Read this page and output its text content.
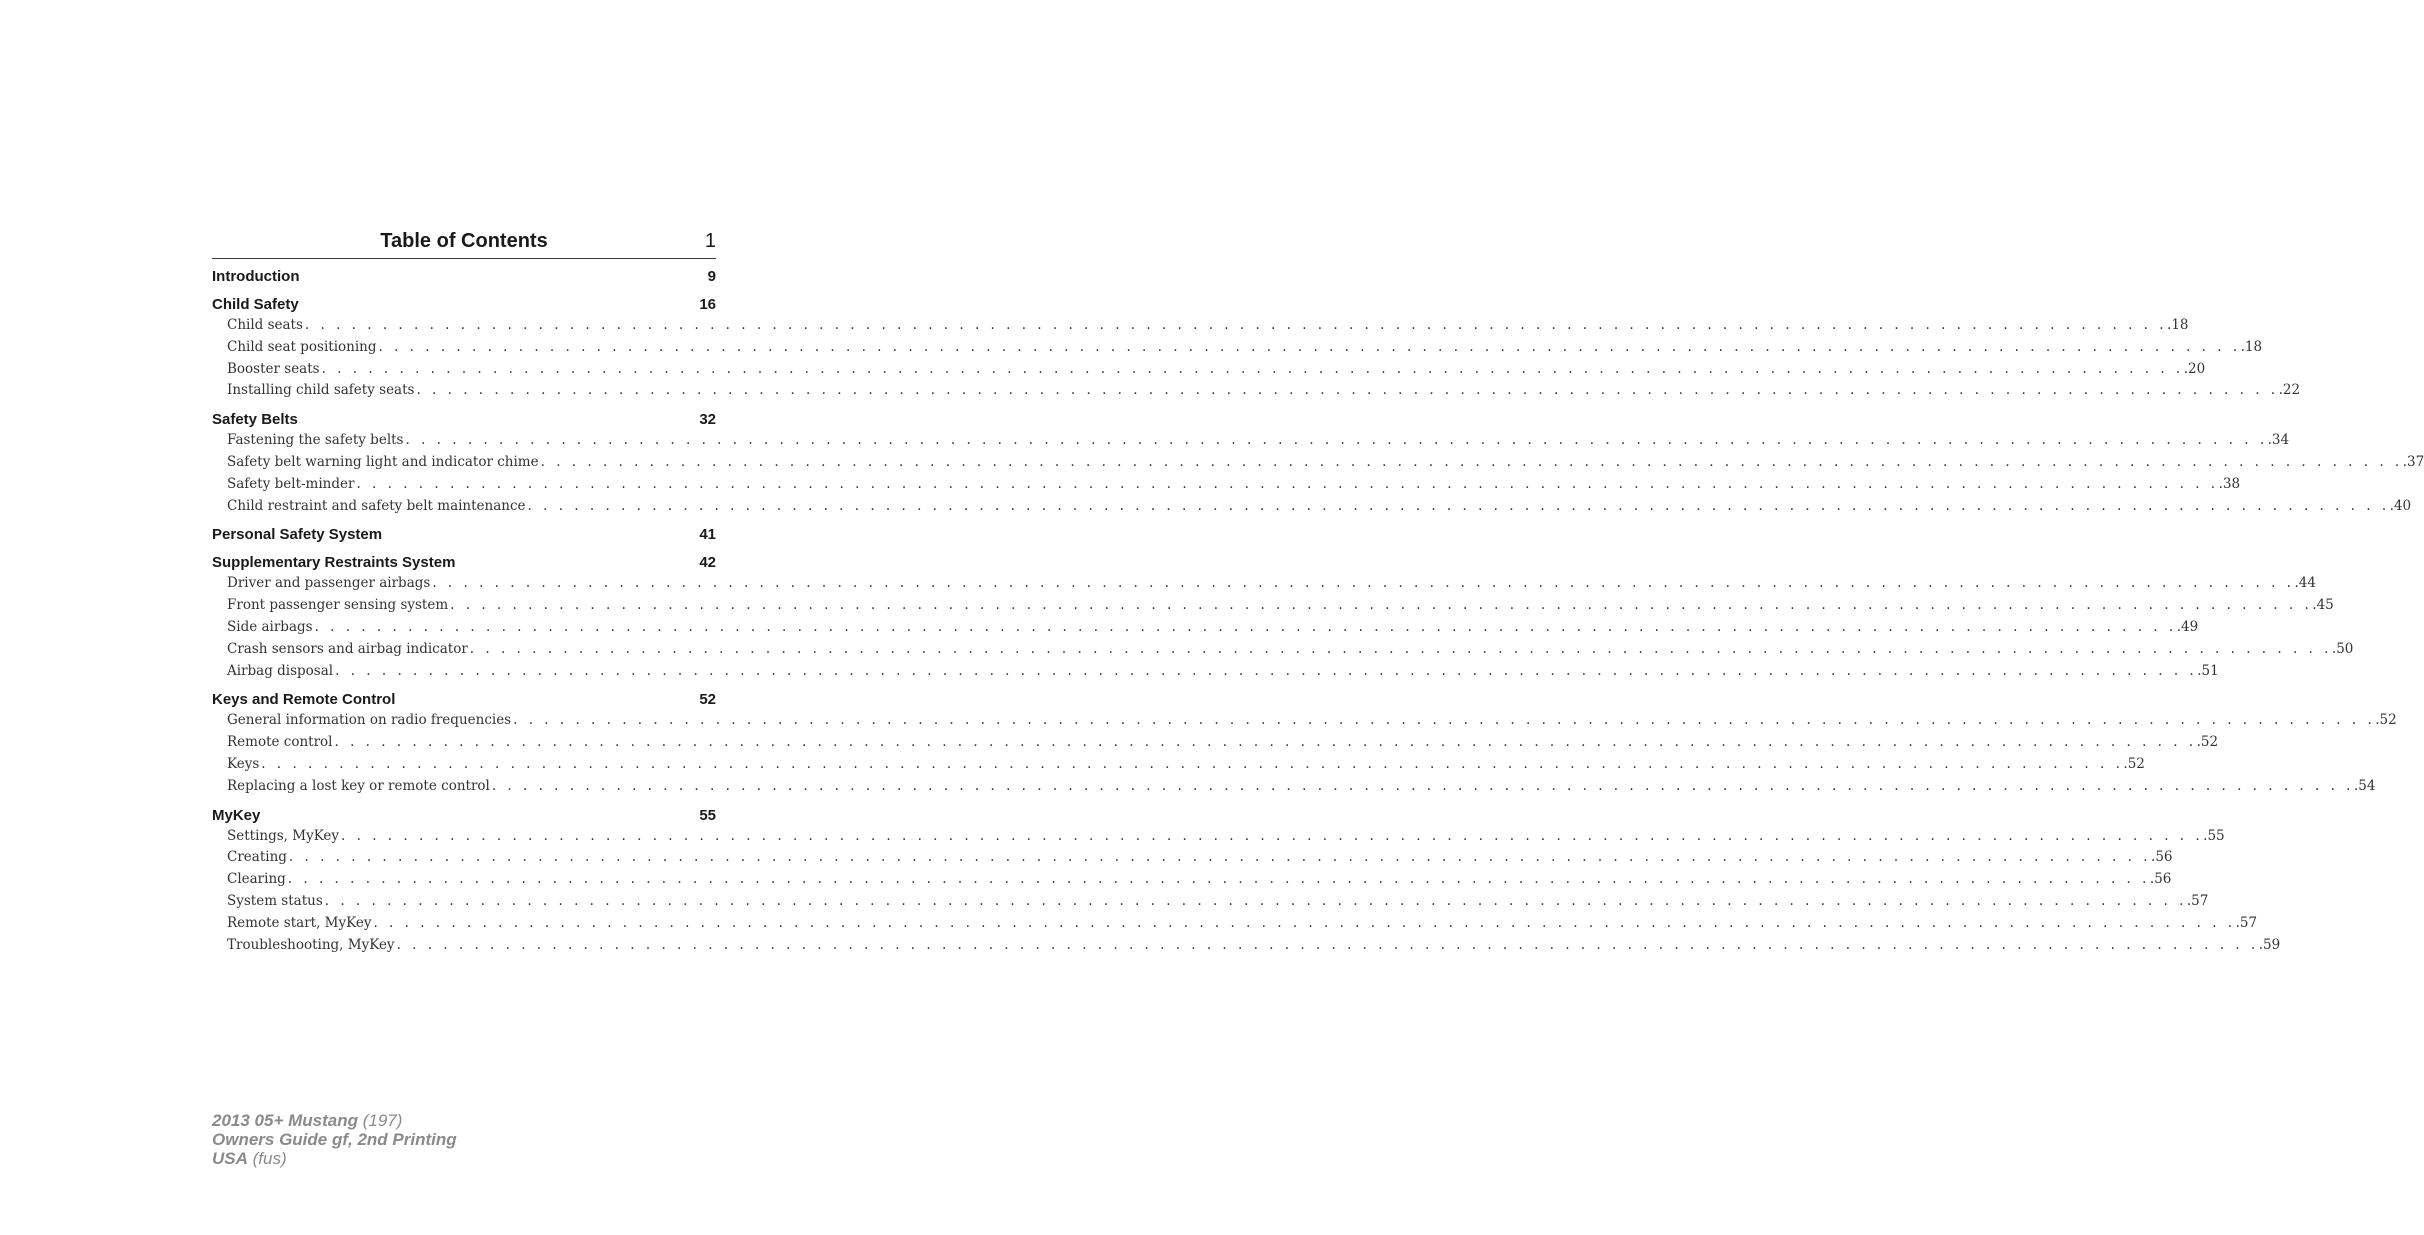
Table of Contents	1
Introduction	9
Child Safety	16
Child seats . . . . . . . . . . . . . . . . . . . . . . . . . . . . . . . . . . . . . . . . . . . . . . . . . . . . . . . . . . . . . . . . . . . . . . . . . . . . . . . . . . . . . . . . . . . . . . . . . . . . . . . . . . . . . . . . . . . . . . . . .18
Child seat positioning . . . . . . . . . . . . . . . . . . . . . . . . . . . . . . . . . . . . . . . . . . . . . . . . . . . . . . . . . . . . . . . . . . . . . . . . . . . . . . . . . . . . . . . . . . . . . . . . . . . . . . . . . . . . . . . . . . . . . . . . .18
Booster seats . . . . . . . . . . . . . . . . . . . . . . . . . . . . . . . . . . . . . . . . . . . . . . . . . . . . . . . . . . . . . . . . . . . . . . . . . . . . . . . . . . . . . . . . . . . . . . . . . . . . . . . . . . . . . . . . . . . . . . . . .20
Installing child safety seats . . . . . . . . . . . . . . . . . . . . . . . . . . . . . . . . . . . . . . . . . . . . . . . . . . . . . . . . . . . . . . . . . . . . . . . . . . . . . . . . . . . . . . . . . . . . . . . . . . . . . . . . . . . . . . . . . . . . . . . . .22
Safety Belts	32
Fastening the safety belts . . . . . . . . . . . . . . . . . . . . . . . . . . . . . . . . . . . . . . . . . . . . . . . . . . . . . . . . . . . . . . . . . . . . . . . . . . . . . . . . . . . . . . . . . . . . . . . . . . . . . . . . . . . . . . . . . . . . . . . . .34
Safety belt warning light and indicator chime . . . . . . . . . . . . . . . . . . . . . . . . . . . . . . . . . . . . . . . . . . . . . . . . . . . . . . . . . . . . . . . . . . . . . . . . . . . . . . . . . . . . . . . . . . . . . . . . . . . . . . . . . . . . . . . . . . . . . . . . .37
Safety belt-minder . . . . . . . . . . . . . . . . . . . . . . . . . . . . . . . . . . . . . . . . . . . . . . . . . . . . . . . . . . . . . . . . . . . . . . . . . . . . . . . . . . . . . . . . . . . . . . . . . . . . . . . . . . . . . . . . . . . . . . . . .38
Child restraint and safety belt maintenance . . . . . . . . . . . . . . . . . . . . . . . . . . . . . . . . . . . . . . . . . . . . . . . . . . . . . . . . . . . . . . . . . . . . . . . . . . . . . . . . . . . . . . . . . . . . . . . . . . . . . . . . . . . . . . . . . . . . . . . . .40
Personal Safety System	41
Supplementary Restraints System	42
Driver and passenger airbags . . . . . . . . . . . . . . . . . . . . . . . . . . . . . . . . . . . . . . . . . . . . . . . . . . . . . . . . . . . . . . . . . . . . . . . . . . . . . . . . . . . . . . . . . . . . . . . . . . . . . . . . . . . . . . . . . . . . . . . . .44
Front passenger sensing system . . . . . . . . . . . . . . . . . . . . . . . . . . . . . . . . . . . . . . . . . . . . . . . . . . . . . . . . . . . . . . . . . . . . . . . . . . . . . . . . . . . . . . . . . . . . . . . . . . . . . . . . . . . . . . . . . . . . . . . . .45
Side airbags . . . . . . . . . . . . . . . . . . . . . . . . . . . . . . . . . . . . . . . . . . . . . . . . . . . . . . . . . . . . . . . . . . . . . . . . . . . . . . . . . . . . . . . . . . . . . . . . . . . . . . . . . . . . . . . . . . . . . . . . .49
Crash sensors and airbag indicator . . . . . . . . . . . . . . . . . . . . . . . . . . . . . . . . . . . . . . . . . . . . . . . . . . . . . . . . . . . . . . . . . . . . . . . . . . . . . . . . . . . . . . . . . . . . . . . . . . . . . . . . . . . . . . . . . . . . . . . . .50
Airbag disposal . . . . . . . . . . . . . . . . . . . . . . . . . . . . . . . . . . . . . . . . . . . . . . . . . . . . . . . . . . . . . . . . . . . . . . . . . . . . . . . . . . . . . . . . . . . . . . . . . . . . . . . . . . . . . . . . . . . . . . . . .51
Keys and Remote Control	52
General information on radio frequencies . . . . . . . . . . . . . . . . . . . . . . . . . . . . . . . . . . . . . . . . . . . . . . . . . . . . . . . . . . . . . . . . . . . . . . . . . . . . . . . . . . . . . . . . . . . . . . . . . . . . . . . . . . . . . . . . . . . . . . . . .52
Remote control . . . . . . . . . . . . . . . . . . . . . . . . . . . . . . . . . . . . . . . . . . . . . . . . . . . . . . . . . . . . . . . . . . . . . . . . . . . . . . . . . . . . . . . . . . . . . . . . . . . . . . . . . . . . . . . . . . . . . . . . .52
Keys . . . . . . . . . . . . . . . . . . . . . . . . . . . . . . . . . . . . . . . . . . . . . . . . . . . . . . . . . . . . . . . . . . . . . . . . . . . . . . . . . . . . . . . . . . . . . . . . . . . . . . . . . . . . . . . . . . . . . . . . .52
Replacing a lost key or remote control . . . . . . . . . . . . . . . . . . . . . . . . . . . . . . . . . . . . . . . . . . . . . . . . . . . . . . . . . . . . . . . . . . . . . . . . . . . . . . . . . . . . . . . . . . . . . . . . . . . . . . . . . . . . . . . . . . . . . . . . .54
MyKey	55
Settings, MyKey . . . . . . . . . . . . . . . . . . . . . . . . . . . . . . . . . . . . . . . . . . . . . . . . . . . . . . . . . . . . . . . . . . . . . . . . . . . . . . . . . . . . . . . . . . . . . . . . . . . . . . . . . . . . . . . . . . . . . . . . .55
Creating . . . . . . . . . . . . . . . . . . . . . . . . . . . . . . . . . . . . . . . . . . . . . . . . . . . . . . . . . . . . . . . . . . . . . . . . . . . . . . . . . . . . . . . . . . . . . . . . . . . . . . . . . . . . . . . . . . . . . . . . .56
Clearing . . . . . . . . . . . . . . . . . . . . . . . . . . . . . . . . . . . . . . . . . . . . . . . . . . . . . . . . . . . . . . . . . . . . . . . . . . . . . . . . . . . . . . . . . . . . . . . . . . . . . . . . . . . . . . . . . . . . . . . . .56
System status . . . . . . . . . . . . . . . . . . . . . . . . . . . . . . . . . . . . . . . . . . . . . . . . . . . . . . . . . . . . . . . . . . . . . . . . . . . . . . . . . . . . . . . . . . . . . . . . . . . . . . . . . . . . . . . . . . . . . . . . .57
Remote start, MyKey . . . . . . . . . . . . . . . . . . . . . . . . . . . . . . . . . . . . . . . . . . . . . . . . . . . . . . . . . . . . . . . . . . . . . . . . . . . . . . . . . . . . . . . . . . . . . . . . . . . . . . . . . . . . . . . . . . . . . . . . .57
Troubleshooting, MyKey . . . . . . . . . . . . . . . . . . . . . . . . . . . . . . . . . . . . . . . . . . . . . . . . . . . . . . . . . . . . . . . . . . . . . . . . . . . . . . . . . . . . . . . . . . . . . . . . . . . . . . . . . . . . . . . . . . . . . . . . .59
2013 05+ Mustang (197)
Owners Guide gf, 2nd Printing
USA (fus)
